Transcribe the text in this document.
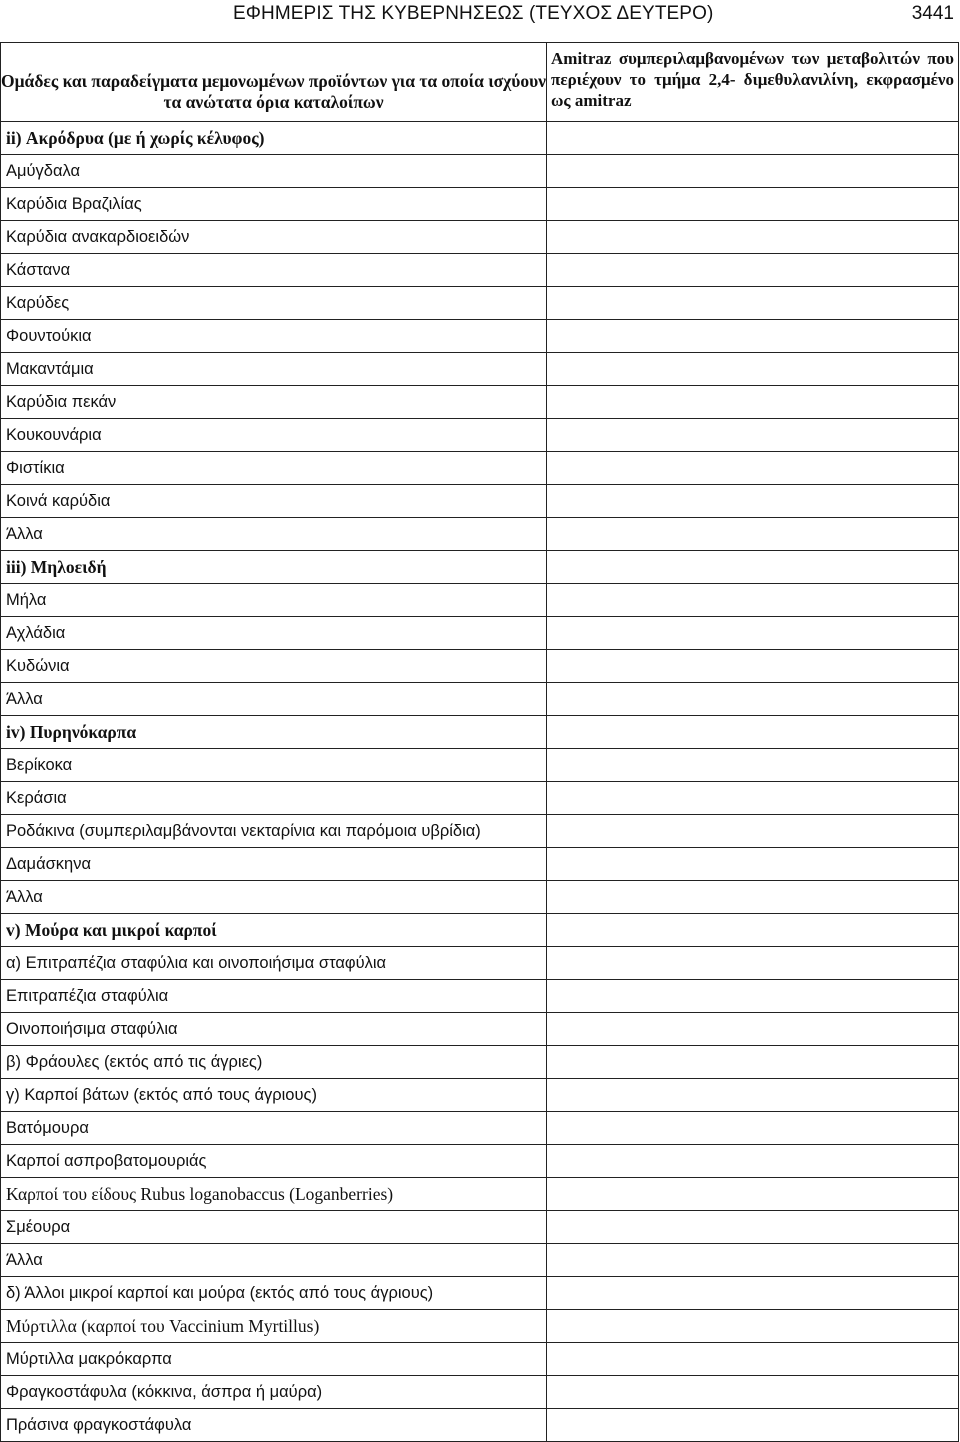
ΕΦΗΜΕΡΙΣ ΤΗΣ ΚΥΒΕΡΝΗΣΕΩΣ (ΤΕΥΧΟΣ ΔΕΥΤΕΡΟ)	3441
Ομάδες και παραδείγματα μεμονωμένων προϊόντων για τα οποία ισχύουν τα ανώτατα όρια καταλοίπων	Amitraz συμπεριλαμβανομένων των μεταβολιτών που περιέχουν το τμήμα 2,4- διμεθυλανιλίνη, εκφρασμένο ως amitraz

ii) Ακρόδρυα (με ή χωρίς κέλυφος)	

Αμύγδαλα	

Καρύδια Βραζιλίας	

Καρύδια ανακαρδιοειδών	

Κάστανα	

Καρύδες	

Φουντούκια	

Μακαντάμια	

Καρύδια πεκάν	

Κουκουνάρια	

Φιστίκια	

Κοινά καρύδια	

Άλλα	

iii) Μηλοειδή	

Μήλα	

Αχλάδια	

Κυδώνια	

Άλλα	

iv) Πυρηνόκαρπα	

Βερίκοκα	

Κεράσια	

Ροδάκινα (συμπεριλαμβάνονται νεκταρίνια και παρόμοια υβρίδια)	

Δαμάσκηνα	

Άλλα	

v) Μούρα και μικροί καρποί	

α) Επιτραπέζια σταφύλια και οινοποιήσιμα σταφύλια	

Επιτραπέζια σταφύλια	

Οινοποιήσιμα σταφύλια	

β) Φράουλες (εκτός από τις άγριες)	

γ) Καρποί βάτων (εκτός από τους άγριους)	

Βατόμουρα	

Καρποί ασπροβατομουριάς	

Καρποί του είδους Rubus loganobaccus (Loganberries)	

Σμέουρα	

Άλλα	

δ) Άλλοι μικροί καρποί και μούρα (εκτός από τους άγριους)	

Μύρτιλλα (καρποί του Vaccinium Myrtillus)	

Μύρτιλλα μακρόκαρπα	

Φραγκοστάφυλα (κόκκινα, άσπρα ή μαύρα)	

Πράσινα φραγκοστάφυλα	
